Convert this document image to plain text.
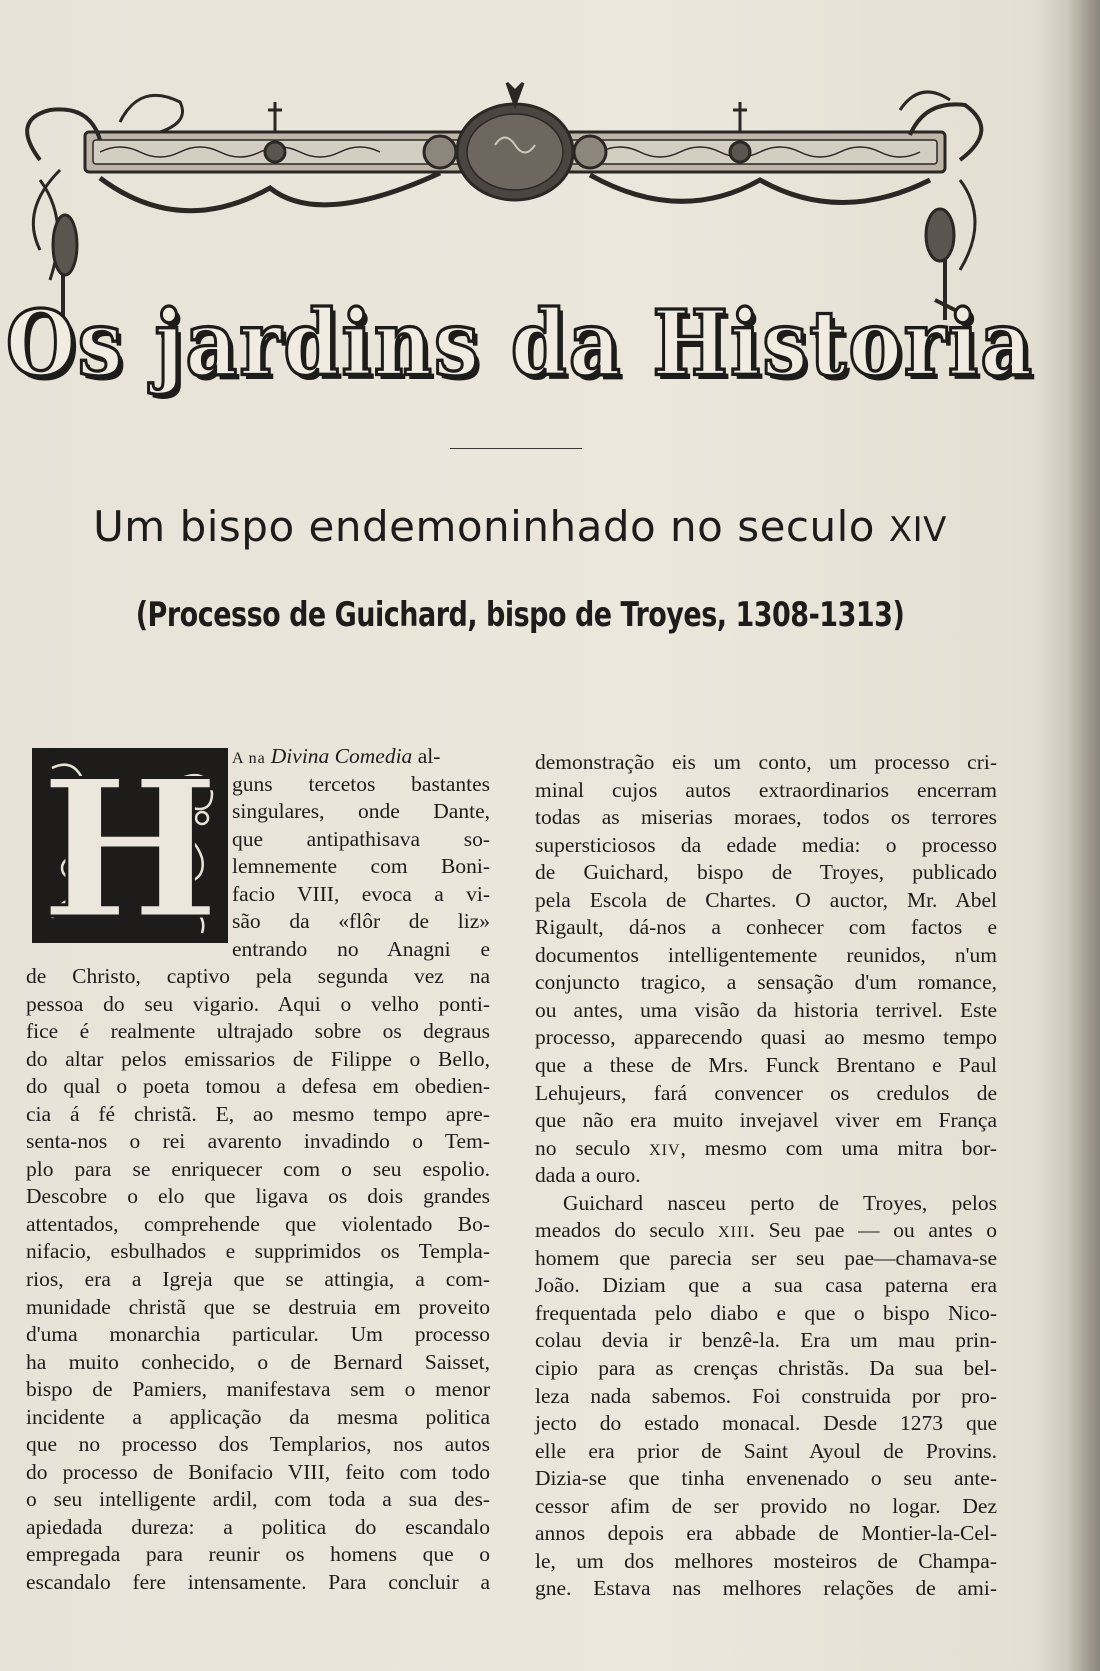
Os jardins da Historia
Um bispo endemoninhado no seculo XIV
(Processo de Guichard, bispo de Troyes, 1308-1313)
H A na Divina Comedia al-
guns tercetos bastantes
singulares, onde Dante,
que antipathisava so-
lemnemente com Boni-
facio VIII, evoca a vi-
são da «flôr de liz»
entrando no Anagni e
de Christo, captivo pela segunda vez na
pessoa do seu vigario. Aqui o velho ponti-
fice é realmente ultrajado sobre os degraus
do altar pelos emissarios de Filippe o Bello,
do qual o poeta tomou a defesa em obedien-
cia á fé christã. E, ao mesmo tempo apre-
senta-nos o rei avarento invadindo o Tem-
plo para se enriquecer com o seu espolio.
Descobre o elo que ligava os dois grandes
attentados, comprehende que violentado Bo-
nifacio, esbulhados e supprimidos os Templa-
rios, era a Igreja que se attingia, a com-
munidade christã que se destruia em proveito
d'uma monarchia particular. Um processo
ha muito conhecido, o de Bernard Saisset,
bispo de Pamiers, manifestava sem o menor
incidente a applicação da mesma politica
que no processo dos Templarios, nos autos
do processo de Bonifacio VIII, feito com todo
o seu intelligente ardil, com toda a sua des-
apiedada dureza: a politica do escandalo
empregada para reunir os homens que o
escandalo fere intensamente. Para concluir a
demonstração eis um conto, um processo cri-
minal cujos autos extraordinarios encerram
todas as miserias moraes, todos os terrores
supersticiosos da edade media: o processo
de Guichard, bispo de Troyes, publicado
pela Escola de Chartes. O auctor, Mr. Abel
Rigault, dá-nos a conhecer com factos e
documentos intelligentemente reunidos, n'um
conjuncto tragico, a sensação d'um romance,
ou antes, uma visão da historia terrivel. Este
processo, apparecendo quasi ao mesmo tempo
que a these de Mrs. Funck Brentano e Paul
Lehujeurs, fará convencer os credulos de
que não era muito invejavel viver em França
no seculo XIV, mesmo com uma mitra bor-
dada a ouro.
Guichard nasceu perto de Troyes, pelos
meados do seculo XIII. Seu pae — ou antes o
homem que parecia ser seu pae—chamava-se
João. Diziam que a sua casa paterna era
frequentada pelo diabo e que o bispo Nico-
colau devia ir benzê-la. Era um mau prin-
cipio para as crenças christãs. Da sua bel-
leza nada sabemos. Foi construida por pro-
jecto do estado monacal. Desde 1273 que
elle era prior de Saint Ayoul de Provins.
Dizia-se que tinha envenenado o seu ante-
cessor afim de ser provido no logar. Dez
annos depois era abbade de Montier-la-Cel-
le, um dos melhores mosteiros de Champa-
gne. Estava nas melhores relações de ami-
